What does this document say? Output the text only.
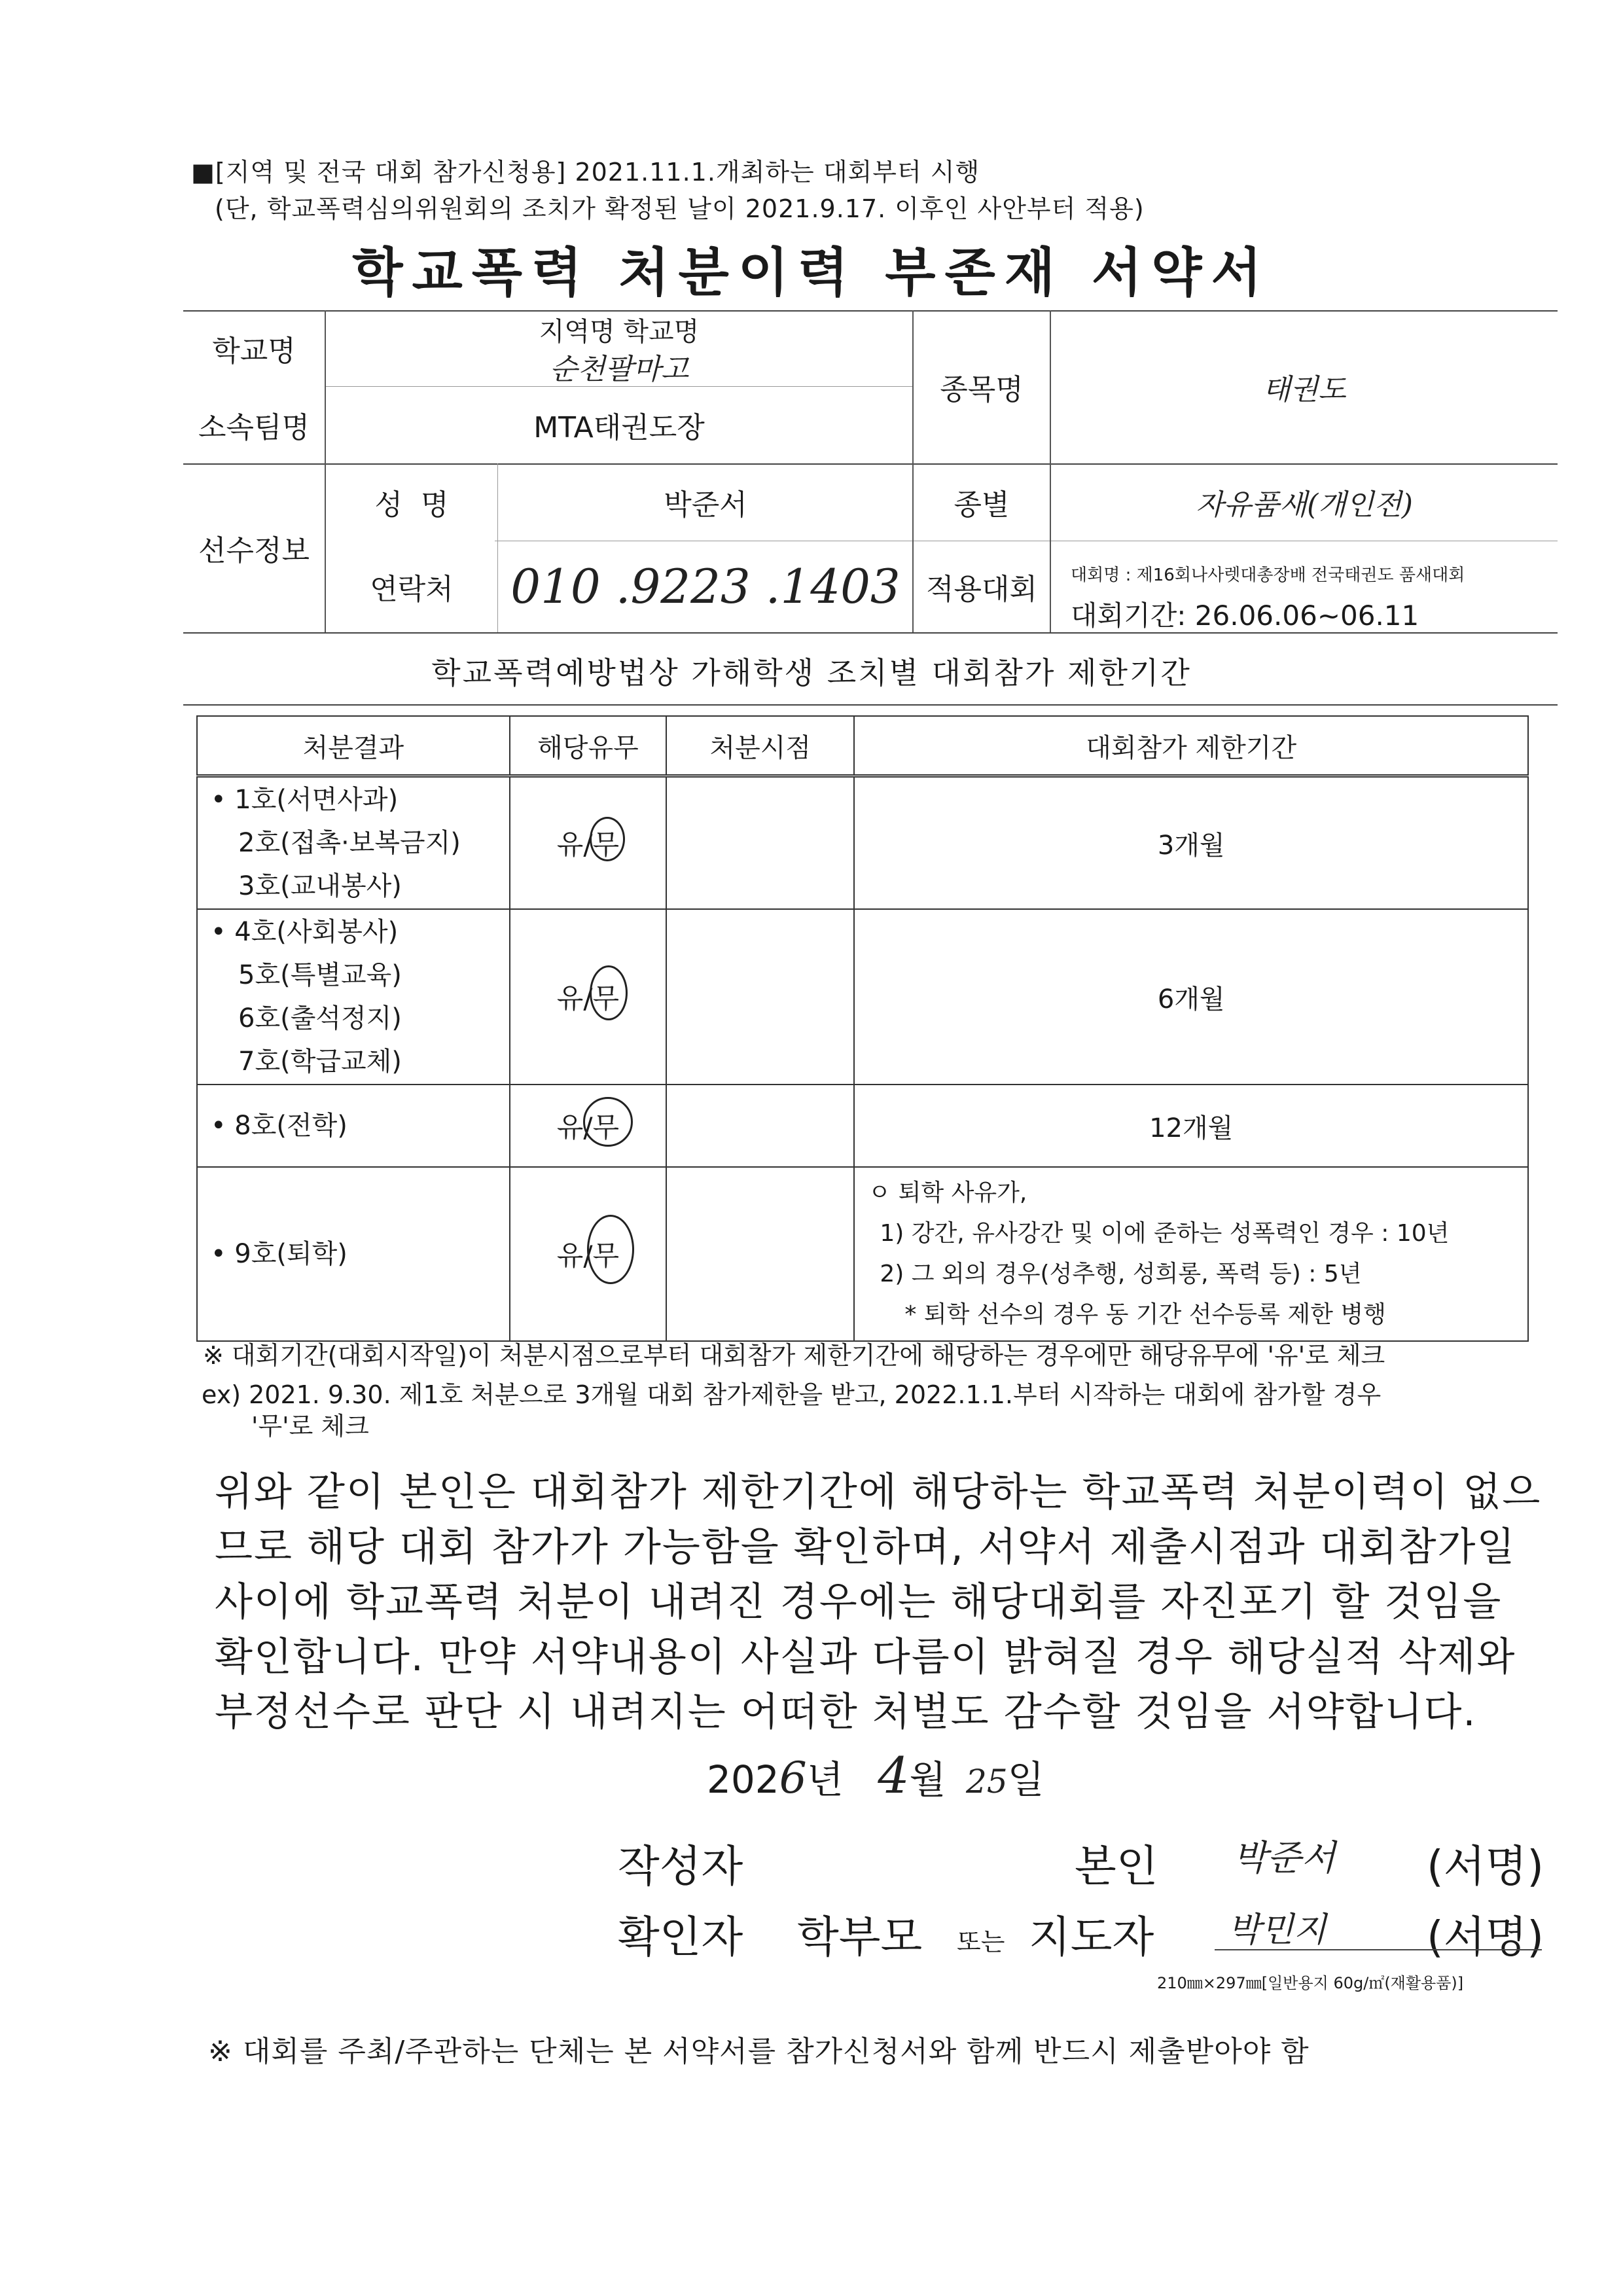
■[지역 및 전국 대회 참가신청용] 2021.11.1.개최하는 대회부터 시행
(단, 학교폭력심의위원회의 조치가 확정된 날이 2021.9.17. 이후인 사안부터 적용)
학교폭력 처분이력 부존재 서약서
학교명
지역명 학교명
순천팔마고
소속팀명	MTA태권도장
종목명	태권도
선수정보
성  명	박준서
연락처	010 .9223 .1403
종별	자유품새(개인전)
적용대회	대회명 : 제16회나사렛대총장배 전국태권도 품새대회
대회기간: 26.06.06~06.11
학교폭력예방법상 가해학생 조치별 대회참가 제한기간
처분결과	해당유무	처분시점	대회참가 제한기간

• 1호(서면사과)
2호(접촉·보복금지)
3호(교내봉사)	유/무		3개월

• 4호(사회봉사)
5호(특별교육)
6호(출석정지)
7호(학급교체)	유/무		6개월

• 8호(전학)	유/무		12개월

• 9호(퇴학)	유/무		ㅇ 퇴학 사유가,
1) 강간, 유사강간 및 이에 준하는 성폭력인 경우 : 10년
2) 그 외의 경우(성추행, 성희롱, 폭력 등) : 5년
* 퇴학 선수의 경우 동 기간 선수등록 제한 병행
※ 대회기간(대회시작일)이 처분시점으로부터 대회참가 제한기간에 해당하는 경우에만 해당유무에 '유'로 체크
ex) 2021. 9.30. 제1호 처분으로 3개월 대회 참가제한을 받고, 2022.1.1.부터 시작하는 대회에 참가할 경우
'무'로 체크
위와 같이 본인은 대회참가 제한기간에 해당하는 학교폭력 처분이력이 없으
므로 해당 대회 참가가 가능함을 확인하며, 서약서 제출시점과 대회참가일
사이에 학교폭력 처분이 내려진 경우에는 해당대회를 자진포기 할 것임을
확인합니다. 만약 서약내용이 사실과 다름이 밝혀질 경우 해당실적 삭제와
부정선수로 판단 시 내려지는 어떠한 처벌도 감수할 것임을 서약합니다.
2026년 4월 25일
작성자	본인 박준서 (서명)
확인자 학부모 또는 지도자 박민지 (서명)
210㎜×297㎜[일반용지 60g/㎡(재활용품)]
※ 대회를 주최/주관하는 단체는 본 서약서를 참가신청서와 함께 반드시 제출받아야 함
